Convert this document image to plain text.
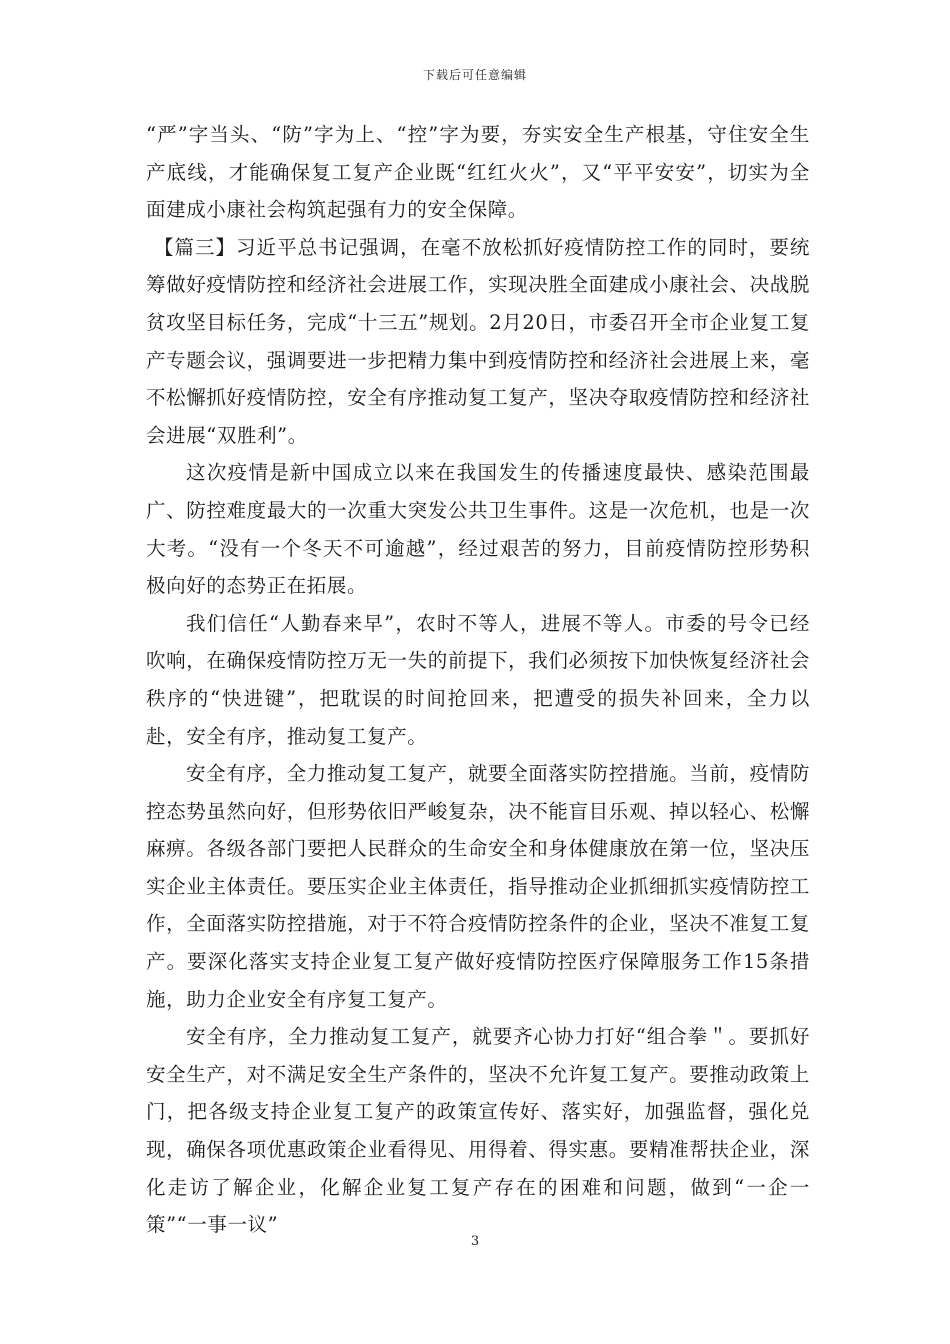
下载后可任意编辑

“严”字当头、“防”字为上、“控”字为要，夯实安全生产根基，守住安全生产底线，才能确保复工复产企业既“红红火火”，又“平平安安”，切实为全面建成小康社会构筑起强有力的安全保障。

【篇三】习近平总书记强调，在毫不放松抓好疫情防控工作的同时，要统筹做好疫情防控和经济社会进展工作，实现决胜全面建成小康社会、决战脱贫攻坚目标任务，完成“十三五”规划。2月20日，市委召开全市企业复工复产专题会议，强调要进一步把精力集中到疫情防控和经济社会进展上来，毫不松懈抓好疫情防控，安全有序推动复工复产，坚决夺取疫情防控和经济社会进展“双胜利”。

这次疫情是新中国成立以来在我国发生的传播速度最快、感染范围最广、防控难度最大的一次重大突发公共卫生事件。这是一次危机，也是一次大考。“没有一个冬天不可逾越”，经过艰苦的努力，目前疫情防控形势积极向好的态势正在拓展。

我们信任“人勤春来早”，农时不等人，进展不等人。市委的号令已经吹响，在确保疫情防控万无一失的前提下，我们必须按下加快恢复经济社会秩序的“快进键”，把耽误的时间抢回来，把遭受的损失补回来，全力以赴，安全有序，推动复工复产。

安全有序，全力推动复工复产，就要全面落实防控措施。当前，疫情防控态势虽然向好，但形势依旧严峻复杂，决不能盲目乐观、掉以轻心、松懈麻痹。各级各部门要把人民群众的生命安全和身体健康放在第一位，坚决压实企业主体责任。要压实企业主体责任，指导推动企业抓细抓实疫情防控工作，全面落实防控措施，对于不符合疫情防控条件的企业，坚决不准复工复产。要深化落实支持企业复工复产做好疫情防控医疗保障服务工作15条措施，助力企业安全有序复工复产。

安全有序，全力推动复工复产，就要齐心协力打好“组合拳＂。要抓好安全生产，对不满足安全生产条件的，坚决不允许复工复产。要推动政策上门，把各级支持企业复工复产的政策宣传好、落实好，加强监督，强化兑现，确保各项优惠政策企业看得见、用得着、得实惠。要精准帮扶企业，深化走访了解企业，化解企业复工复产存在的困难和问题，做到“一企一策”“一事一议”

3
